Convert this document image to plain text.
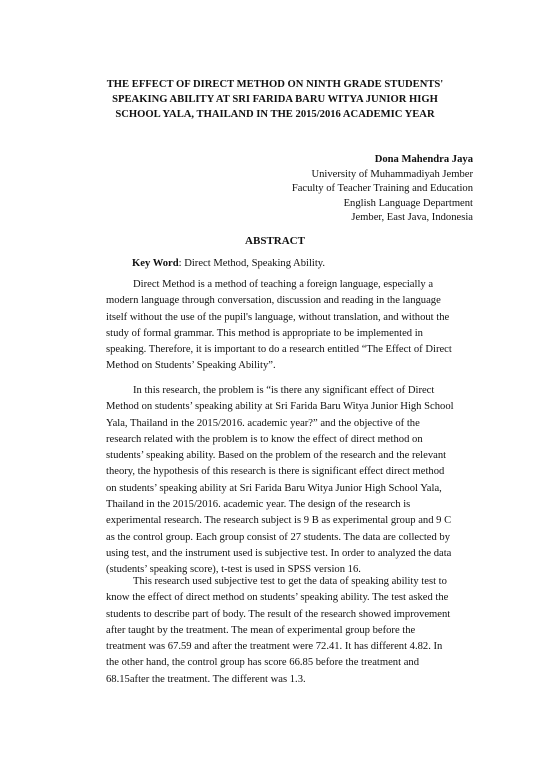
THE EFFECT OF DIRECT METHOD ON NINTH GRADE STUDENTS'
SPEAKING ABILITY AT SRI FARIDA BARU WITYA JUNIOR HIGH
SCHOOL YALA, THAILAND IN THE 2015/2016 ACADEMIC YEAR
Dona Mahendra Jaya
University of Muhammadiyah Jember
Faculty of Teacher Training and Education
English Language Department
Jember, East Java, Indonesia
ABSTRACT
Key Word: Direct Method, Speaking Ability.
Direct Method is a method of teaching a foreign language, especially a
modern language through conversation, discussion and reading in the language
itself without the use of the pupil's language, without translation, and without the
study of formal grammar. This method is appropriate to be implemented in
speaking. Therefore, it is important to do a research entitled “The Effect of Direct
Method on Students’ Speaking Ability”.
In this research, the problem is “is there any significant effect of Direct
Method on students’ speaking ability at Sri Farida Baru Witya Junior High School
Yala, Thailand in the 2015/2016. academic year?” and the objective of the
research related with the problem is to know the effect of direct method on
students’ speaking ability. Based on the problem of the research and the relevant
theory, the hypothesis of this research is there is significant effect direct method
on students’ speaking ability at Sri Farida Baru Witya Junior High School Yala,
Thailand in the 2015/2016. academic year. The design of the research is
experimental research. The research subject is 9 B as experimental group and 9 C
as the control group. Each group consist of 27 students. The data are collected by
using test, and the instrument used is subjective test. In order to analyzed the data
(students’ speaking score), t-test is used in SPSS version 16.
This research used subjective test to get the data of speaking ability test to
know the effect of direct method on students’ speaking ability. The test asked the
students to describe part of body. The result of the research showed improvement
after taught by the treatment. The mean of experimental group before the
treatment was 67.59 and after the treatment were 72.41. It has different 4.82. In
the other hand, the control group has score 66.85 before the treatment and
68.15after the treatment. The different was 1.3.
